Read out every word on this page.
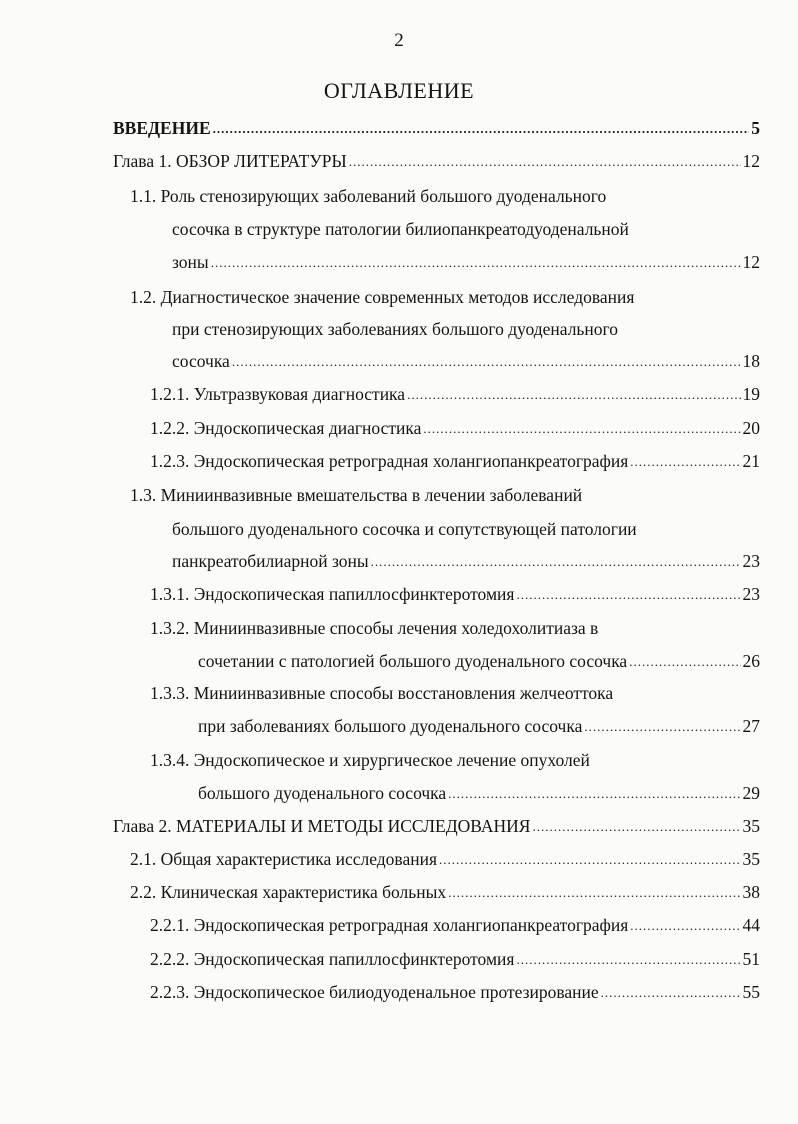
2
ОГЛАВЛЕНИЕ
ВВЕДЕНИЕ .....	5
Глава 1. ОБЗОР ЛИТЕРАТУРЫ .....	12
1.1. Роль стенозирующих заболеваний большого дуоденального
сосочка в структуре патологии билиопанкреатодуоденальной
зоны .....	12
1.2. Диагностическое значение современных методов исследования
при стенозирующих заболеваниях большого дуоденального
сосочка .....	18
1.2.1. Ультразвуковая диагностика .....	19
1.2.2. Эндоскопическая диагностика .....	20
1.2.3. Эндоскопическая ретроградная холангиопанкреатография .....	21
1.3. Миниинвазивные вмешательства в лечении заболеваний
большого дуоденального сосочка и сопутствующей патологии
панкреатобилиарной зоны .....	23
1.3.1. Эндоскопическая папиллосфинктеротомия .....	23
1.3.2. Миниинвазивные способы лечения холедохолитиаза в
сочетании с патологией большого дуоденального сосочка .....	26
1.3.3. Миниинвазивные способы восстановления желчеоттока
при заболеваниях большого дуоденального сосочка .....	27
1.3.4. Эндоскопическое и хирургическое лечение опухолей
большого дуоденального сосочка .....	29
Глава 2. МАТЕРИАЛЫ И МЕТОДЫ ИССЛЕДОВАНИЯ .....	35
2.1. Общая характеристика исследования .....	35
2.2. Клиническая характеристика больных .....	38
2.2.1. Эндоскопическая ретроградная холангиопанкреатография .....	44
2.2.2. Эндоскопическая папиллосфинктеротомия .....	51
2.2.3. Эндоскопическое билиодуоденальное протезирование .....	55
